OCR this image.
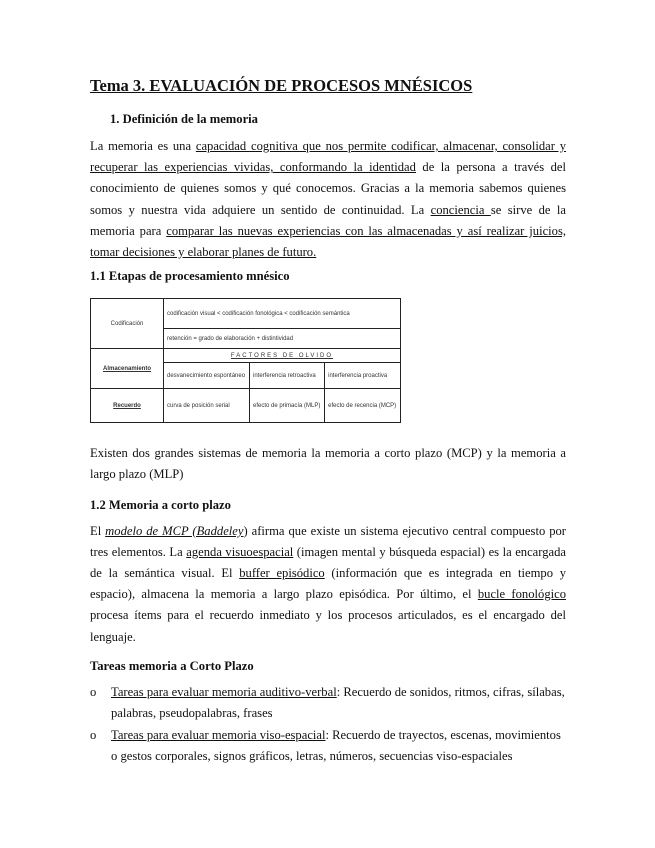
Tema 3. EVALUACIÓN DE PROCESOS MNÉSICOS
1. Definición de la memoria

La memoria es una capacidad cognitiva que nos permite codificar, almacenar, consolidar y recuperar las experiencias vividas, conformando la identidad de la persona a través del conocimiento de quienes somos y qué conocemos. Gracias a la memoria sabemos quienes somos y nuestra vida adquiere un sentido de continuidad. La conciencia se sirve de la memoria para comparar las nuevas experiencias con las almacenadas y así realizar juicios, tomar decisiones y elaborar planes de futuro.

1.1 Etapas de procesamiento mnésico
Codificación	codificación visual < codificación fonológica < codificación semántica		
	retención = grado de elaboración + distintividad		
Almacenamiento	FACTORES DE OLVIDO		
	desvanecimiento espontáneo	interferencia retroactiva	interferencia proactiva
Recuerdo	curva de posición serial	efecto de primacía (MLP)	efecto de recencia (MCP)

Existen dos grandes sistemas de memoria la memoria a corto plazo (MCP) y la memoria a largo plazo (MLP)

1.2 Memoria a corto plazo

El modelo de MCP (Baddeley) afirma que existe un sistema ejecutivo central compuesto por tres elementos. La agenda visuoespacial (imagen mental y búsqueda espacial) es la encargada de la semántica visual. El buffer episódico (información que es integrada en tiempo y espacio), almacena la memoria a largo plazo episódica. Por último, el bucle fonológico procesa ítems para el recuerdo inmediato y los procesos articulados, es el encargado del lenguaje.

Tareas memoria a Corto Plazo
o Tareas para evaluar memoria auditivo-verbal: Recuerdo de sonidos, ritmos, cifras, sílabas, palabras, pseudopalabras, frases

o Tareas para evaluar memoria viso-espacial: Recuerdo de trayectos, escenas, movimientos o gestos corporales, signos gráficos, letras, números, secuencias viso-espaciales
